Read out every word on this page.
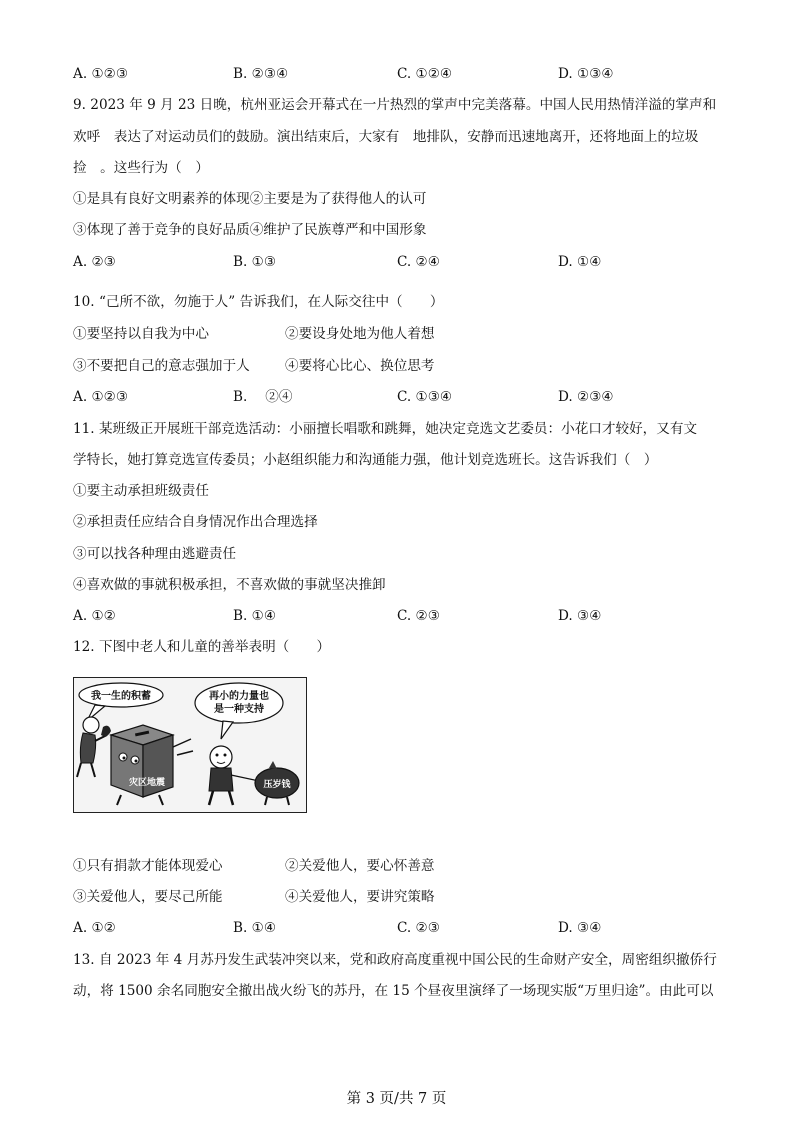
A. ①②③	B. ②③④	C. ①②④	D. ①③④
9. 2023 年 9 月 23 日晚，杭州亚运会开幕式在一片热烈的掌声中完美落幕。中国人民用热情洋溢的掌声和
欢呼　表达了对运动员们的鼓励。演出结束后，大家有　地排队，安静而迅速地离开，还将地面上的垃圾
捡　。这些行为（　）
①是具有良好文明素养的体现②主要是为了获得他人的认可
③体现了善于竞争的良好品质④维护了民族尊严和中国形象
A. ②③	B. ①③	C. ②④	D. ①④
10. “己所不欲，勿施于人” 告诉我们，在人际交往中（　　）
①要坚持以自我为中心	②要设身处地为他人着想
③不要把自己的意志强加于人	④要将心比心、换位思考
A. ①②③	B.　 ②④	C. ①③④	D. ②③④
11. 某班级正开展班干部竞选活动：小丽擅长唱歌和跳舞，她决定竞选文艺委员：小花口才较好，又有文
学特长，她打算竞选宣传委员；小赵组织能力和沟通能力强，他计划竞选班长。这告诉我们（　）
①要主动承担班级责任
②承担责任应结合自身情况作出合理选择
③可以找各种理由逃避责任
④喜欢做的事就积极承担，不喜欢做的事就坚决推卸
A. ①②	B. ①④	C. ②③	D. ③④
12. 下图中老人和儿童的善举表明（　　）
我一生的积蓄	再小的力量也
是一种支持
灾区地震	压岁钱
①只有捐款才能体现爱心	②关爱他人，要心怀善意
③关爱他人，要尽己所能	④关爱他人，要讲究策略
A. ①②	B. ①④	C. ②③	D. ③④
13. 自 2023 年 4 月苏丹发生武装冲突以来，党和政府高度重视中国公民的生命财产安全，周密组织撤侨行
动，将 1500 余名同胞安全撤出战火纷飞的苏丹，在 15 个昼夜里演绎了一场现实版“万里归途”。由此可以
第 3 页/共 7 页
